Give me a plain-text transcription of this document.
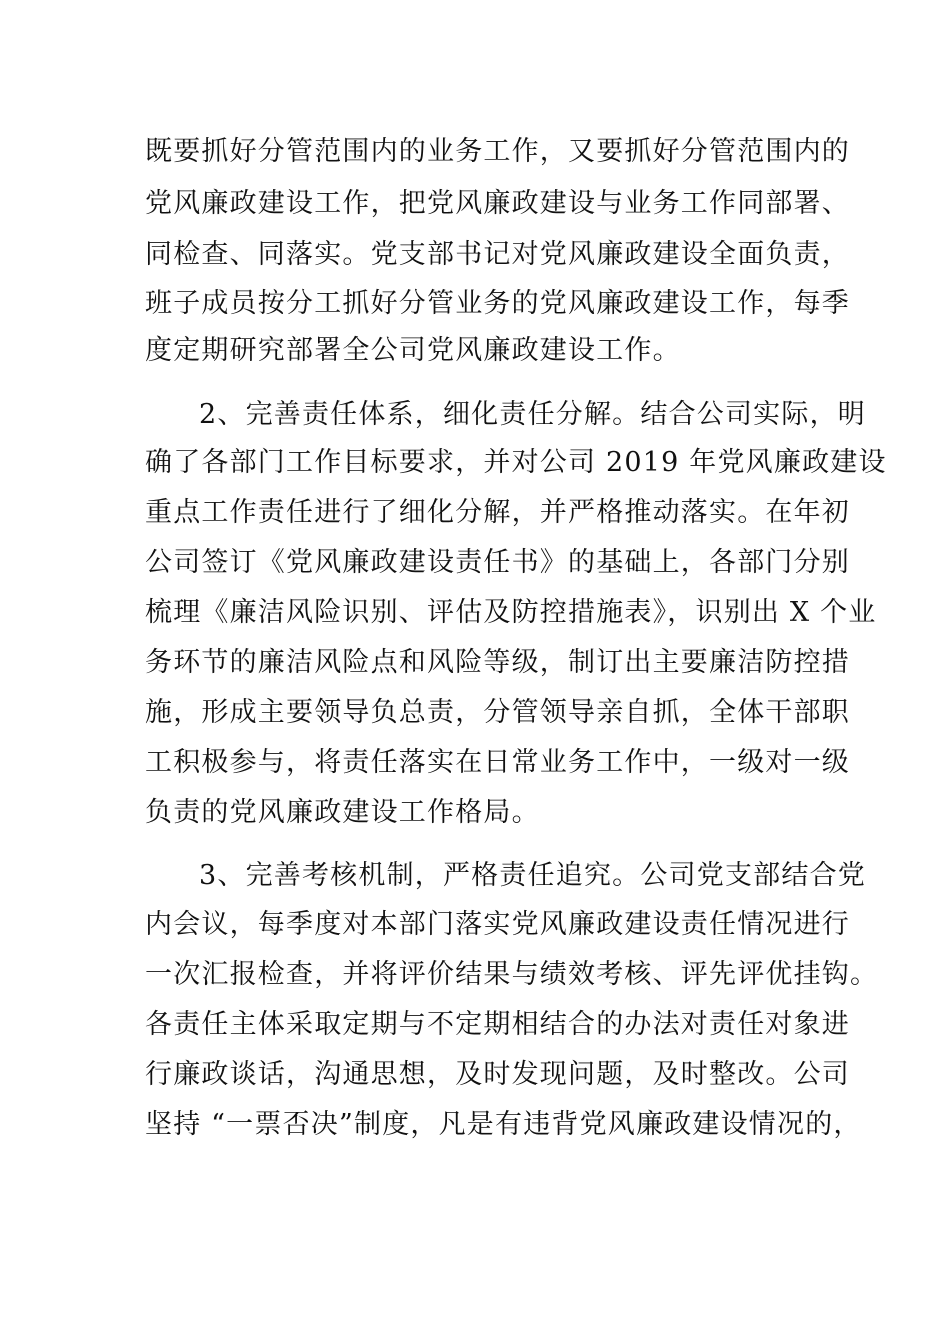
既要抓好分管范围内的业务工作，又要抓好分管范围内的
党风廉政建设工作，把党风廉政建设与业务工作同部署、
同检查、同落实。党支部书记对党风廉政建设全面负责，
班子成员按分工抓好分管业务的党风廉政建设工作，每季
度定期研究部署全公司党风廉政建设工作。
2、完善责任体系，细化责任分解。结合公司实际，明
确了各部门工作目标要求，并对公司 2019 年党风廉政建设
重点工作责任进行了细化分解，并严格推动落实。在年初
公司签订《党风廉政建设责任书》的基础上，各部门分别
梳理《廉洁风险识别、评估及防控措施表》，识别出 X 个业
务环节的廉洁风险点和风险等级，制订出主要廉洁防控措
施，形成主要领导负总责，分管领导亲自抓，全体干部职
工积极参与，将责任落实在日常业务工作中，一级对一级
负责的党风廉政建设工作格局。
3、完善考核机制，严格责任追究。公司党支部结合党
内会议，每季度对本部门落实党风廉政建设责任情况进行
一次汇报检查，并将评价结果与绩效考核、评先评优挂钩。
各责任主体采取定期与不定期相结合的办法对责任对象进
行廉政谈话，沟通思想，及时发现问题，及时整改。公司
坚持 “一票否决”制度，凡是有违背党风廉政建设情况的，
